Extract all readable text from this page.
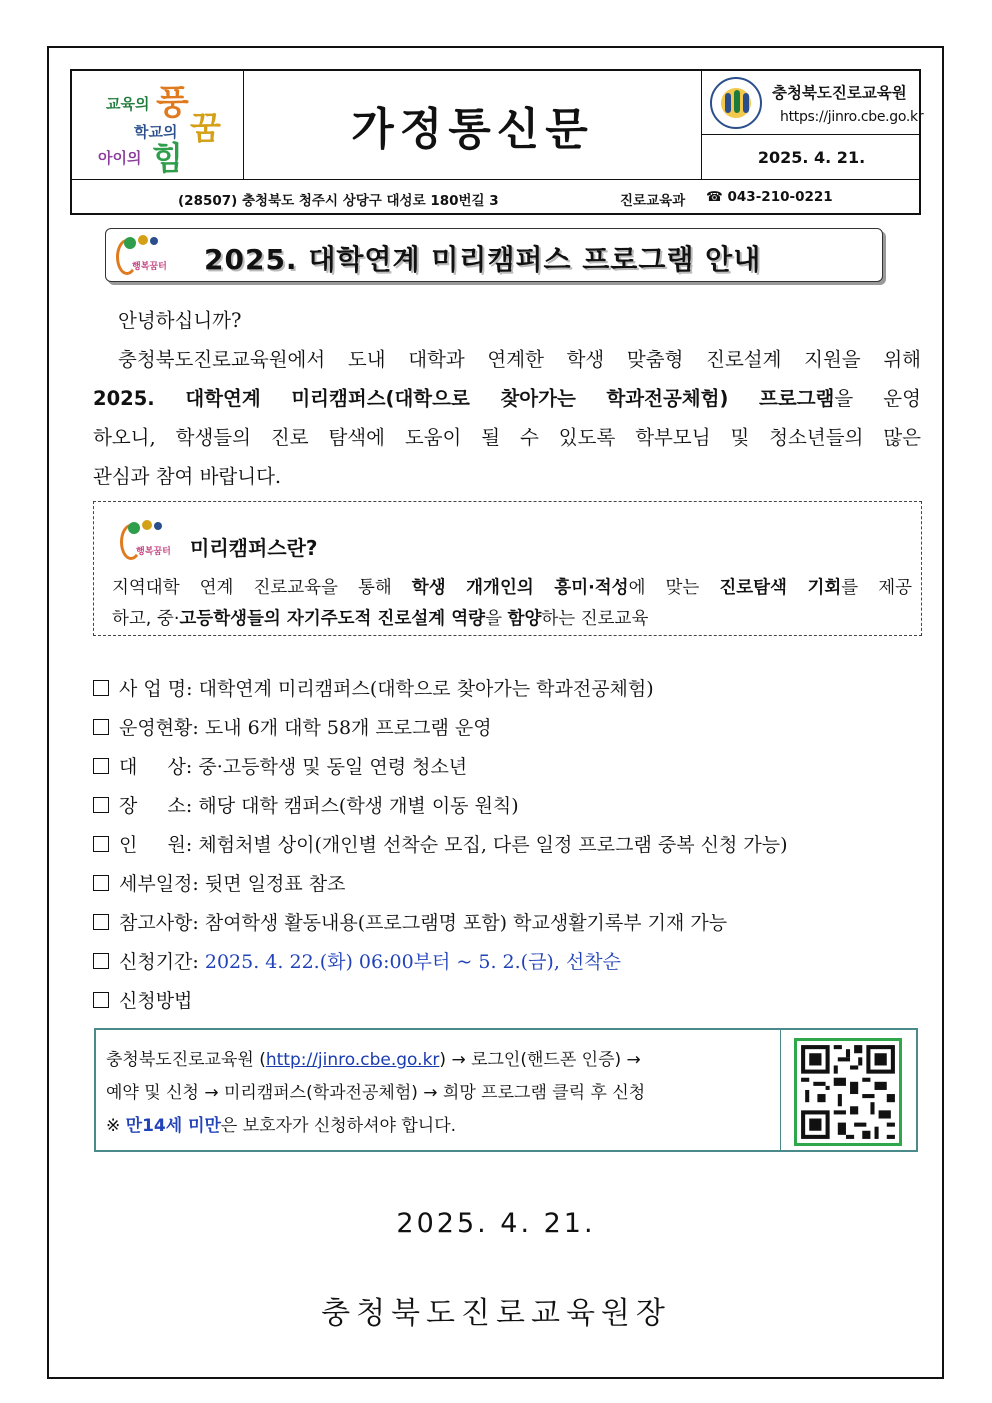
교육의 풍
학교의 꿈
아이의 힘
가정통신문
충청북도진로교육원
https://jinro.cbe.go.kr
2025. 4. 21.
(28507) 충청북도 청주시 상당구 대성로 180번길 3	진로교육과 ☎ 043-210-0221
행복꿈터 2025. 대학연계 미리캠퍼스 프로그램 안내
안녕하십니까?
충청북도진로교육원에서 도내 대학과 연계한 학생 맞춤형 진로설계 지원을 위해
2025. 대학연계 미리캠퍼스(대학으로 찾아가는 학과전공체험) 프로그램을 운영
하오니, 학생들의 진로 탐색에 도움이 될 수 있도록 학부모님 및 청소년들의 많은
관심과 참여 바랍니다.
행복꿈터 미리캠퍼스란?
지역대학 연계 진로교육을 통해 학생 개개인의 흥미·적성에 맞는 진로탐색 기회를 제공
하고, 중·고등학생들의 자기주도적 진로설계 역량을 함양하는 진로교육
사 업 명:
대학연계 미리캠퍼스(대학으로 찾아가는 학과전공체험)
운영현황:
도내 6개 대학 58개 프로그램 운영
대     상:
중·고등학생 및 동일 연령 청소년
장     소:
해당 대학 캠퍼스(학생 개별 이동 원칙)
인     원:
체험처별 상이(개인별 선착순 모집, 다른 일정 프로그램 중복 신청 가능)
세부일정:
뒷면 일정표 참조
참고사항:
참여학생 활동내용(프로그램명 포함) 학교생활기록부 기재 가능
신청기간:
2025. 4. 22.(화) 06:00부터 ~ 5. 2.(금), 선착순
신청방법
충청북도진로교육원 (http://jinro.cbe.go.kr) → 로그인(핸드폰 인증) →
예약 및 신청 → 미리캠퍼스(학과전공체험) → 희망 프로그램 클릭 후 신청
※ 만14세 미만은 보호자가 신청하셔야 합니다.
2025. 4. 21.
충청북도진로교육원장
